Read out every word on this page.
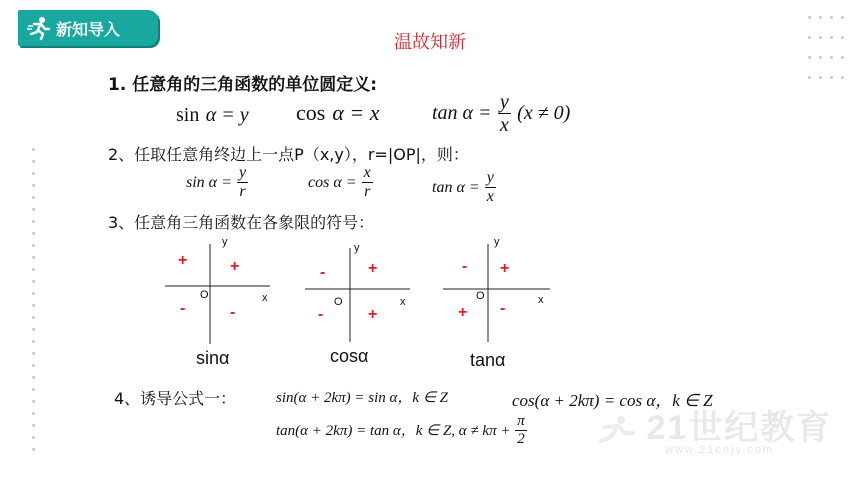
新知导入
温故知新
1. 任意角的三角函数的单位圆定义:
sin α = y cos α = x	$\tan \alpha = \frac{y}{x} (x \ne 0)$
2、任取任意角终边上一点P（x,y），r=|OP|，则：
$\sin \alpha = \frac{y}{r}$	$\cos \alpha = \frac{x}{r}$	$\tan \alpha = \frac{y}{x}$
3、任意角三角函数在各象限的符号：
y
x
O
+
+
-	-
sinα
y
x
O
+
-
-	+
cosα
y
x
O
+
-
+ -
tanα
4、诱导公式一：	sin(α + 2kπ) = sin α，k ∈ Z	cos(α + 2kπ) = cos α，k ∈ Z
tan(α + 2kπ) = tan α，k ∈ Z, $\alpha \ne k\pi + \frac{\pi}{2}$	21世纪教育
www.21cnjy.com
